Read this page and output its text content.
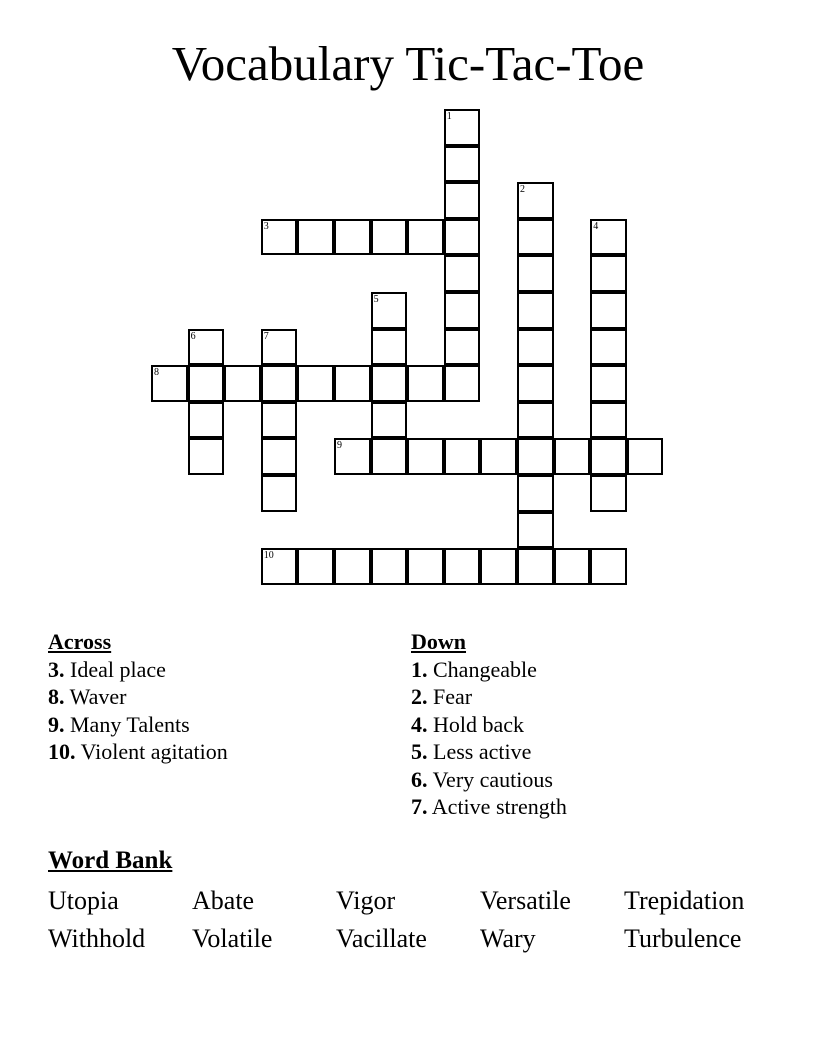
Vocabulary Tic-Tac-Toe
1
2
3	4
5
6	7
8
9
10
Across
3. Ideal place
8. Waver
9. Many Talents
10. Violent agitation
Down
1. Changeable
2. Fear
4. Hold back
5. Less active
6. Very cautious
7. Active strength
Word Bank
Utopia	Abate	Vigor	Versatile	Trepidation
Withhold	Volatile	Vacillate	Wary	Turbulence
